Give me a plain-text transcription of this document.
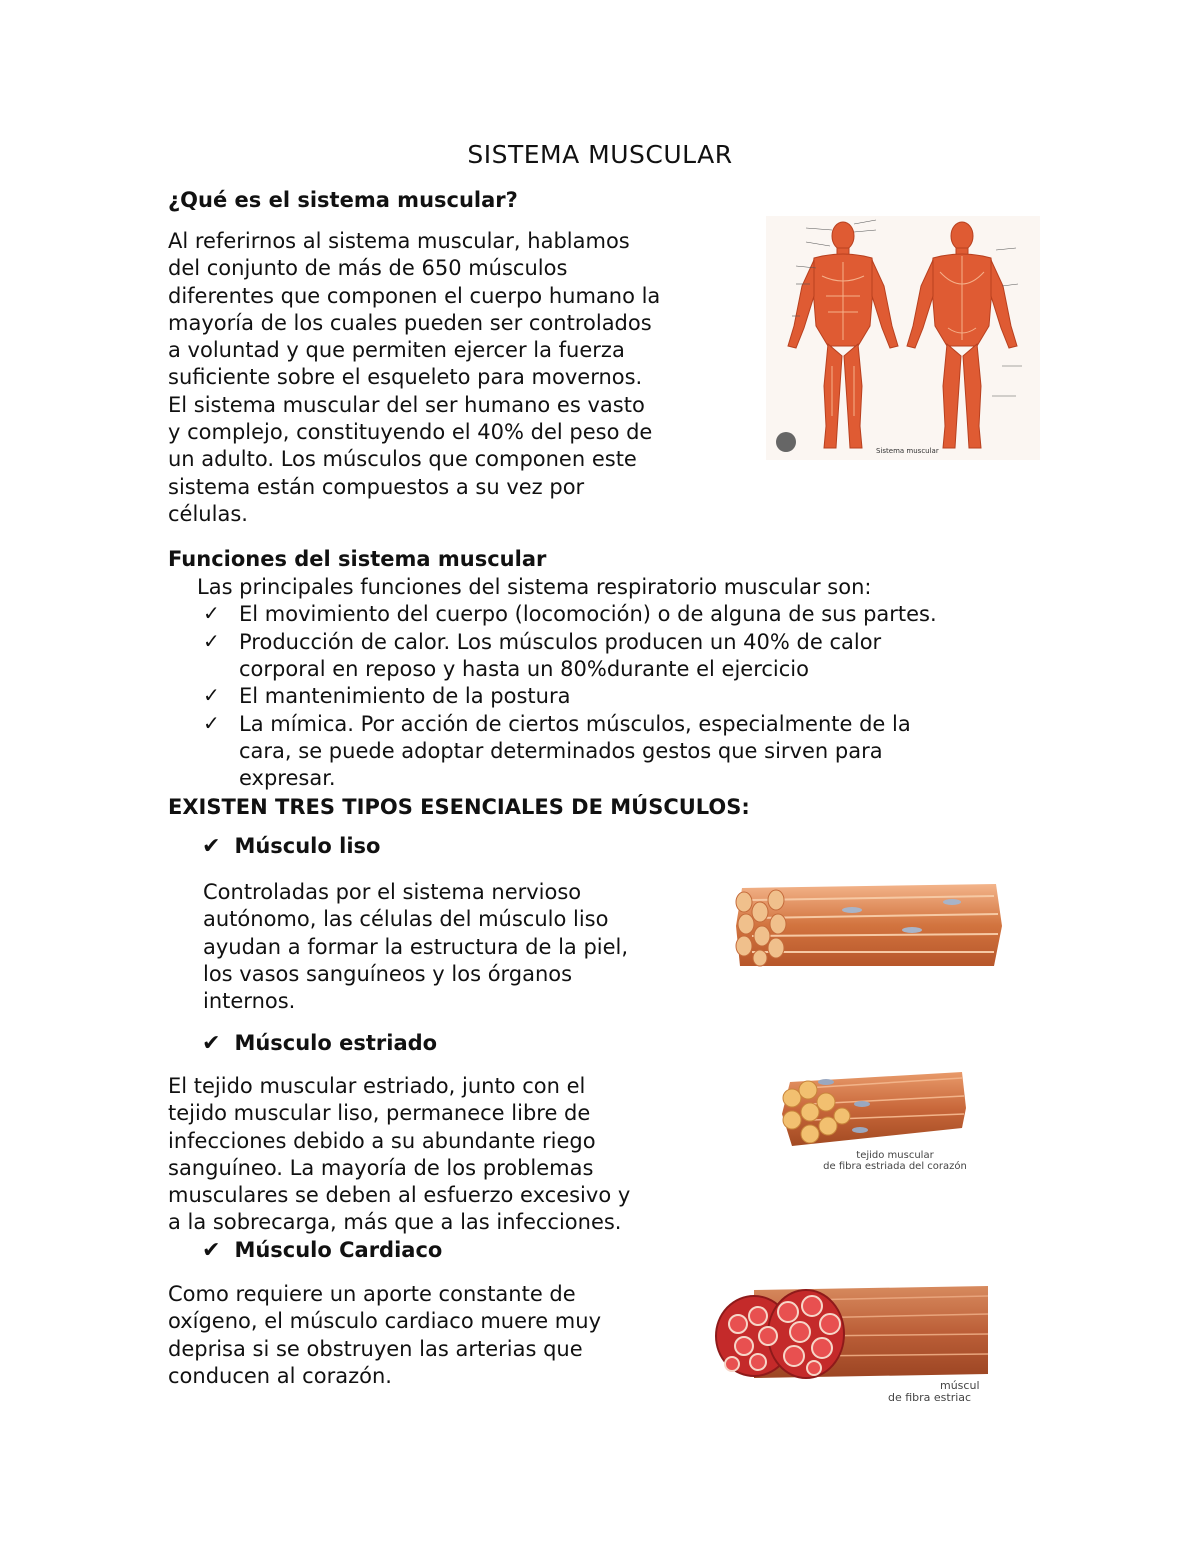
SISTEMA MUSCULAR
¿Qué es el sistema muscular?
Al referirnos al sistema muscular, hablamos
del conjunto de más de 650 músculos
diferentes que componen el cuerpo humano la
mayoría de los cuales pueden ser controlados
a voluntad y que permiten ejercer la fuerza
suficiente sobre el esqueleto para movernos.
El sistema muscular del ser humano es vasto
y complejo, constituyendo el 40% del peso de
un adulto. Los músculos que componen este
sistema están compuestos a su vez por
células.
Sistema muscular
Funciones del sistema muscular
Las principales funciones del sistema respiratorio muscular son:
✓ El movimiento del cuerpo (locomoción) o de alguna de sus partes.
✓ Producción de calor. Los músculos producen un 40% de calor
corporal en reposo y hasta un 80%durante el ejercicio
✓ El mantenimiento de la postura
✓ La mímica. Por acción de ciertos músculos, especialmente de la
cara, se puede adoptar determinados gestos que sirven para
expresar.
EXISTEN TRES TIPOS ESENCIALES DE MÚSCULOS:
✔ Músculo liso
Controladas por el sistema nervioso
autónomo, las células del músculo liso
ayudan a formar la estructura de la piel,
los vasos sanguíneos y los órganos
internos.
✔ Músculo estriado
El tejido muscular estriado, junto con el
tejido muscular liso, permanece libre de
infecciones debido a su abundante riego
sanguíneo. La mayoría de los problemas
musculares se deben al esfuerzo excesivo y
a la sobrecarga, más que a las infecciones.
tejido muscular
de fibra estriada del corazón
✔ Músculo Cardiaco
Como requiere un aporte constante de
oxígeno, el músculo cardiaco muere muy
deprisa si se obstruyen las arterias que
conducen al corazón.	múscul
de fibra estriac
